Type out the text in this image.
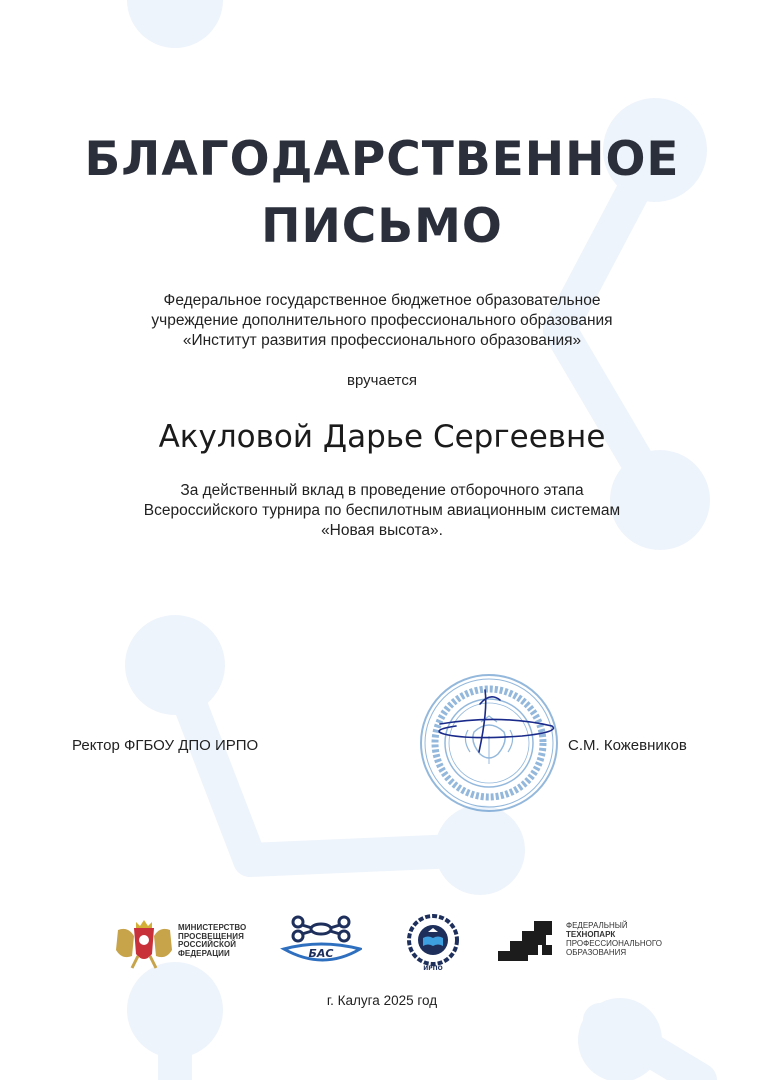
БЛАГОДАРСТВЕННОЕ
ПИСЬМО
Федеральное государственное бюджетное образовательное
учреждение дополнительного профессионального образования
«Институт развития профессионального образования»
вручается
Акуловой Дарье Сергеевне
За действенный вклад в проведение отборочного этапа
Всероссийского турнира по беспилотным авиационным системам
«Новая высота».
Ректор ФГБОУ ДПО ИРПО	С.М. Кожевников
МИНИСТЕРСТВО
ПРОСВЕЩЕНИЯ
РОССИЙСКОЙ
ФЕДЕРАЦИИ	БАС
ИРПО
ФЕДЕРАЛЬНЫЙ
ТЕХНОПАРК
ПРОФЕССИОНАЛЬНОГО
ОБРАЗОВАНИЯ
г. Калуга 2025 год
